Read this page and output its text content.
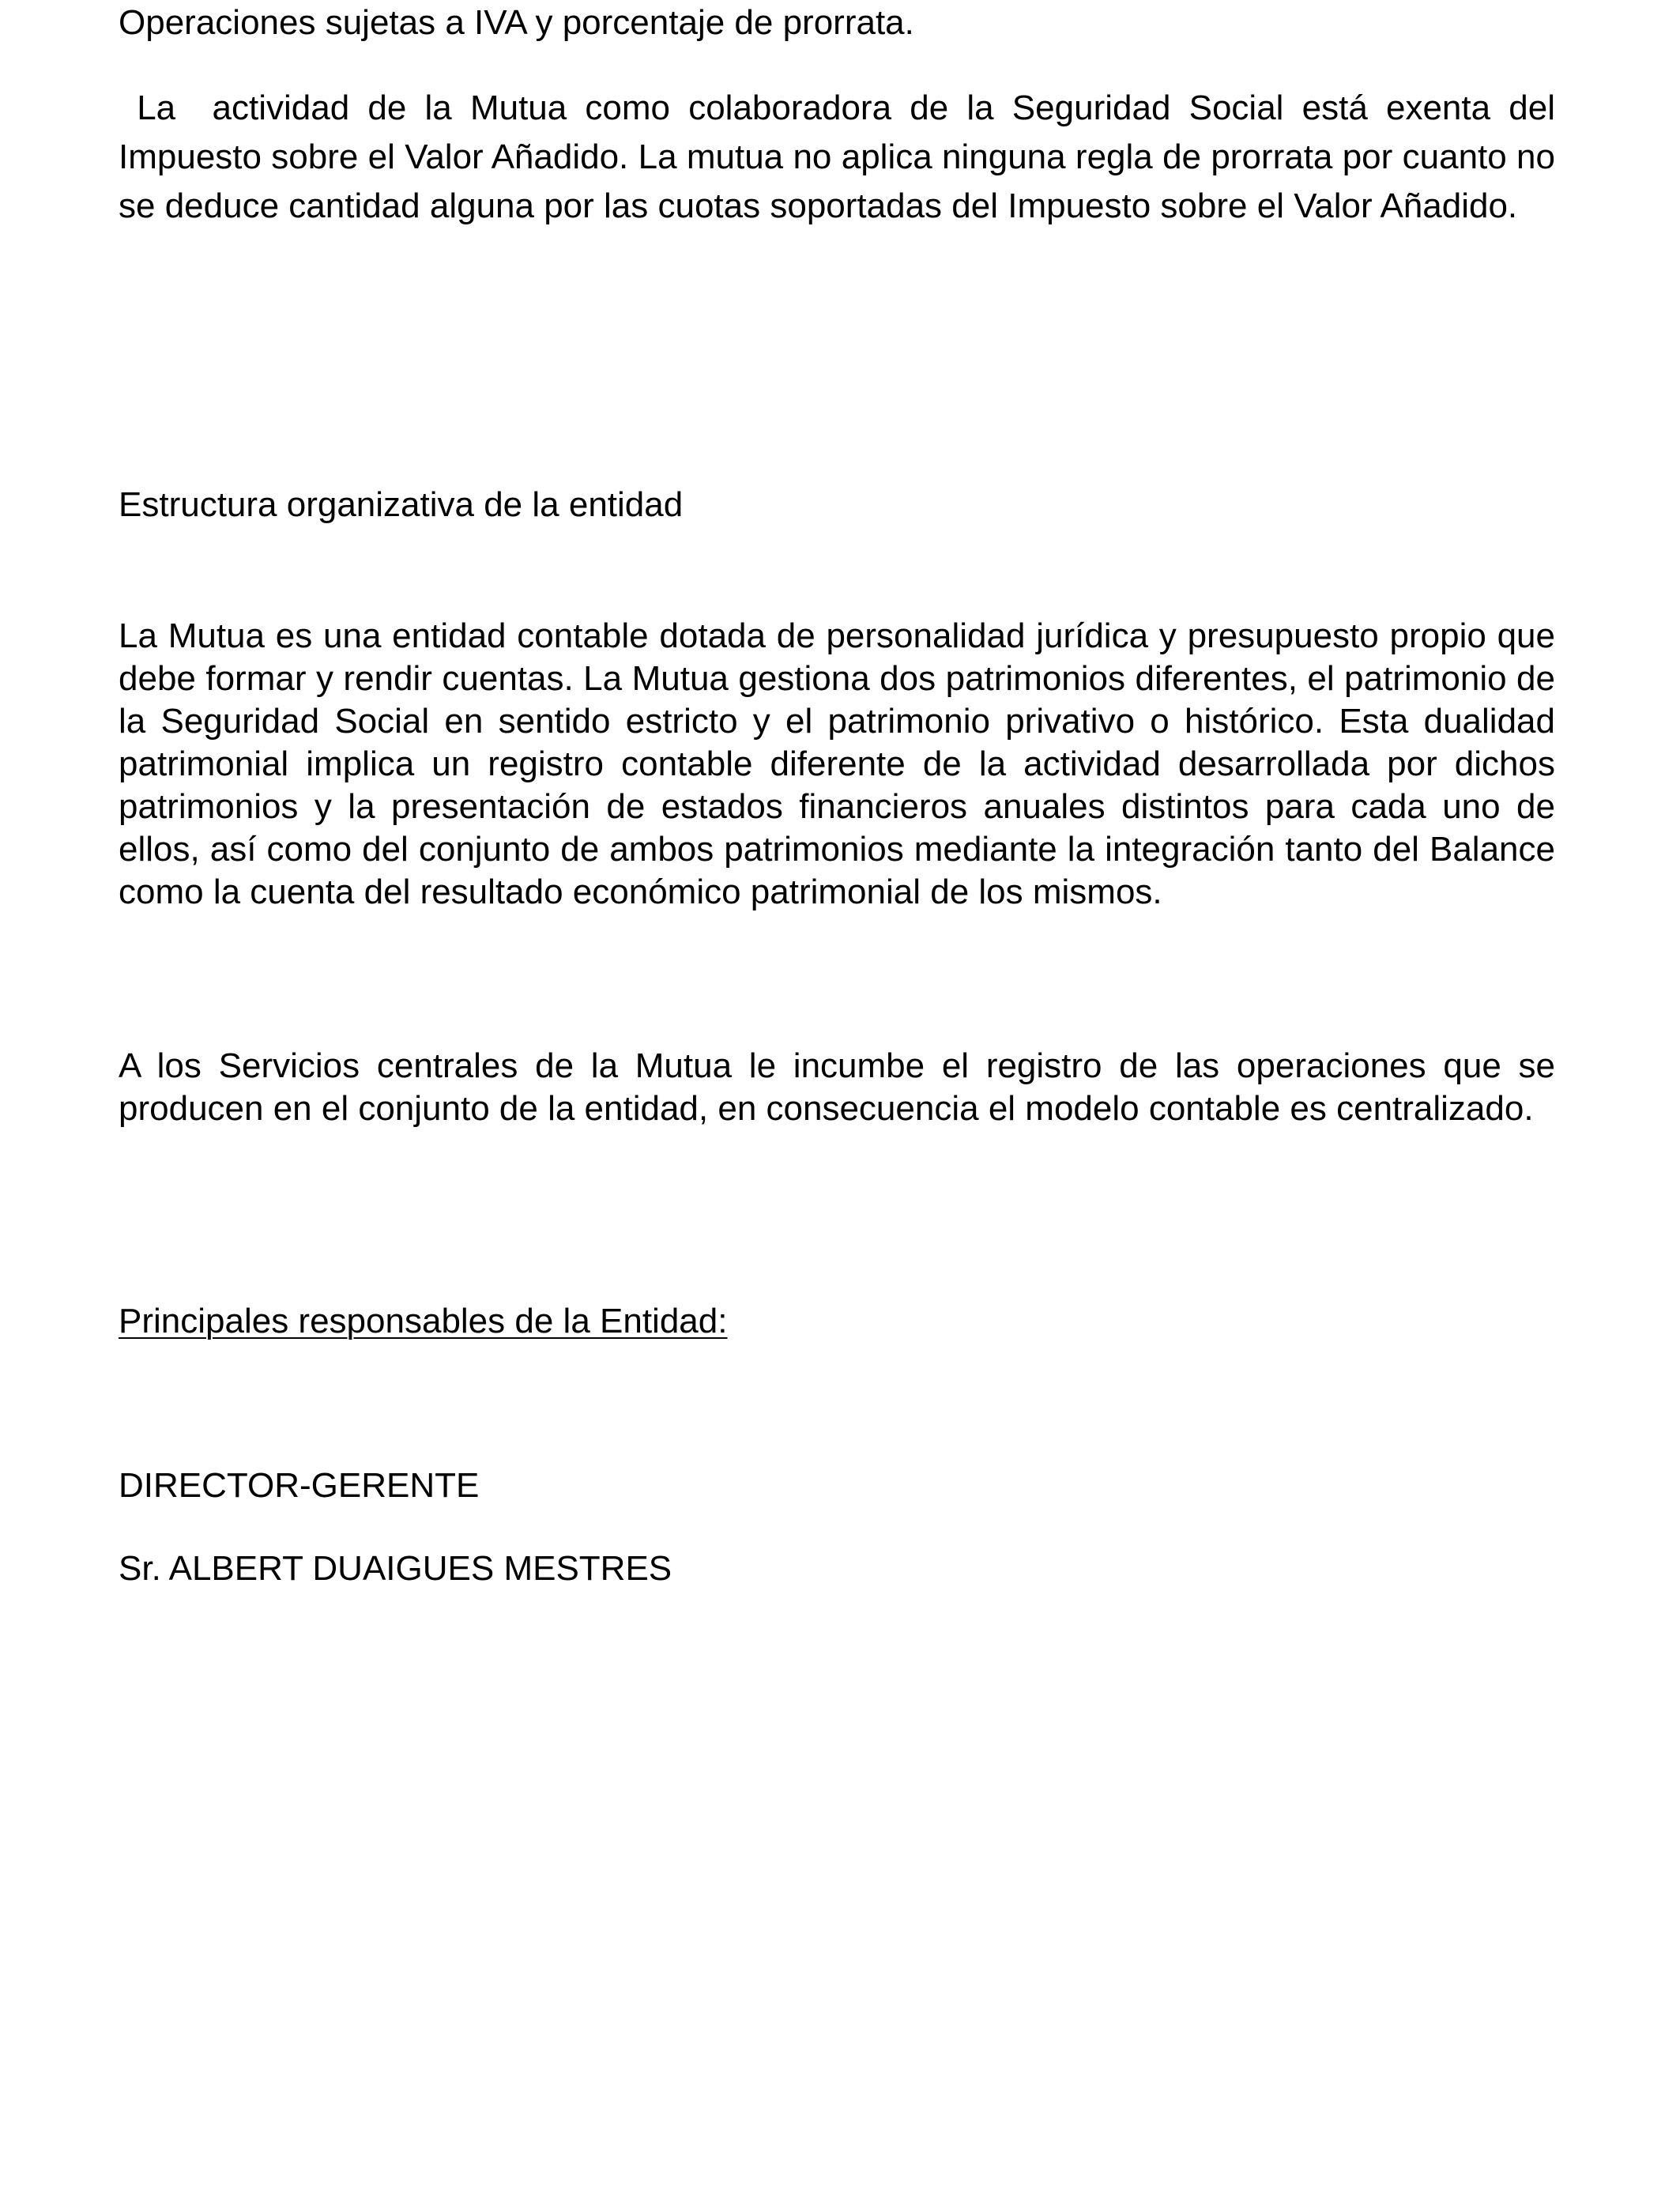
Operaciones sujetas a IVA y porcentaje de prorrata.
La  actividad de la Mutua como colaboradora de la Seguridad Social está exenta del Impuesto sobre el Valor Añadido. La mutua no aplica ninguna regla de prorrata por cuanto no se deduce cantidad alguna por las cuotas soportadas del Impuesto sobre el Valor Añadido.
Estructura organizativa de la entidad
La Mutua es una entidad contable dotada de personalidad jurídica y presupuesto propio que debe formar y rendir cuentas. La Mutua gestiona dos patrimonios diferentes, el patrimonio de la Seguridad Social en sentido estricto y el patrimonio privativo o histórico. Esta dualidad patrimonial implica un registro contable diferente de la actividad desarrollada por dichos patrimonios y la presentación de estados financieros anuales distintos para cada uno de ellos, así como del conjunto de ambos patrimonios mediante la integración tanto del Balance como la cuenta del resultado económico patrimonial de los mismos.
A los Servicios centrales de la Mutua le incumbe el registro de las operaciones que se producen en el conjunto de la entidad, en consecuencia el modelo contable es centralizado.
Principales responsables de la Entidad:
DIRECTOR-GERENTE
Sr. ALBERT DUAIGUES MESTRES
